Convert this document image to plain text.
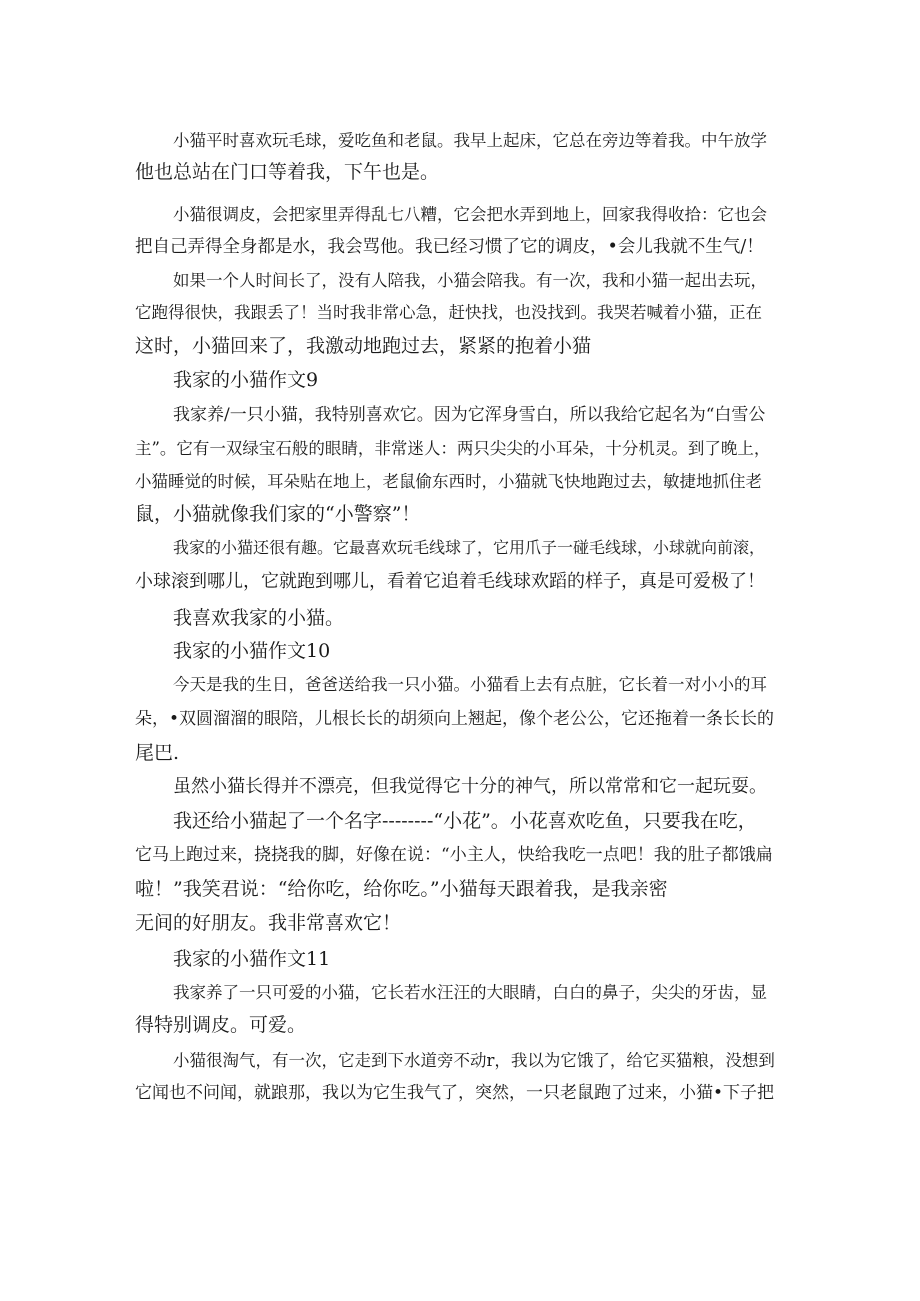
小猫平时喜欢玩毛球，爱吃鱼和老鼠。我早上起床，它总在旁边等着我。中午放学
他也总站在门口等着我，下午也是。
小猫很调皮，会把家里弄得乱七八糟，它会把水弄到地上，回家我得收拾：它也会
把自己弄得全身都是水，我会骂他。我已经习惯了它的调皮，•会儿我就不生气/！
如果一个人时间长了，没有人陪我，小猫会陪我。有一次，我和小猫一起出去玩，
它跑得很快，我跟丢了！当时我非常心急，赶快找，也没找到。我哭若喊着小猫，正在
这时，小猫回来了，我激动地跑过去，紧紧的抱着小猫
我家的小猫作文9
我家养/一只小猫，我特别喜欢它。因为它浑身雪白，所以我给它起名为“白雪公
主”。它有一双绿宝石般的眼睛，非常迷人：两只尖尖的小耳朵，十分机灵。到了晚上，
小猫睡觉的时候，耳朵贴在地上，老鼠偷东西时，小猫就飞快地跑过去，敏捷地抓住老
鼠，小猫就像我们家的“小警察”！
我家的小猫还很有趣。它最喜欢玩毛线球了，它用爪子一碰毛线球，小球就向前滚，
小球滚到哪儿，它就跑到哪儿，看着它追着毛线球欢蹈的样子，真是可爱极了！
我喜欢我家的小猫。
我家的小猫作文10
今天是我的生日，爸爸送给我一只小猫。小猫看上去有点脏，它长着一对小小的耳
朵，•双圆溜溜的眼陪，儿根长长的胡须向上翘起，像个老公公，它还拖着一条长长的
尾巴.
虽然小猫长得并不漂亮，但我觉得它十分的神气，所以常常和它一起玩耍。
我还给小猫起了一个名字--------“小花”。小花喜欢吃鱼，只要我在吃，
它马上跑过来，挠挠我的脚，好像在说：“小主人，快给我吃一点吧！我的肚子都饿扁
啦！”我笑君说：“给你吃，给你吃。”小猫每天跟着我，是我亲密
无间的好朋友。我非常喜欢它！
我家的小猫作文11
我家养了一只可爱的小猫，它长若水汪汪的大眼睛，白白的鼻子，尖尖的牙齿，显
得特别调皮。可爱。
小猫很淘气，有一次，它走到下水道旁不动r，我以为它饿了，给它买猫粮，没想到
它闻也不问闻，就踉那，我以为它生我气了，突然，一只老鼠跑了过来，小猫•下子把
